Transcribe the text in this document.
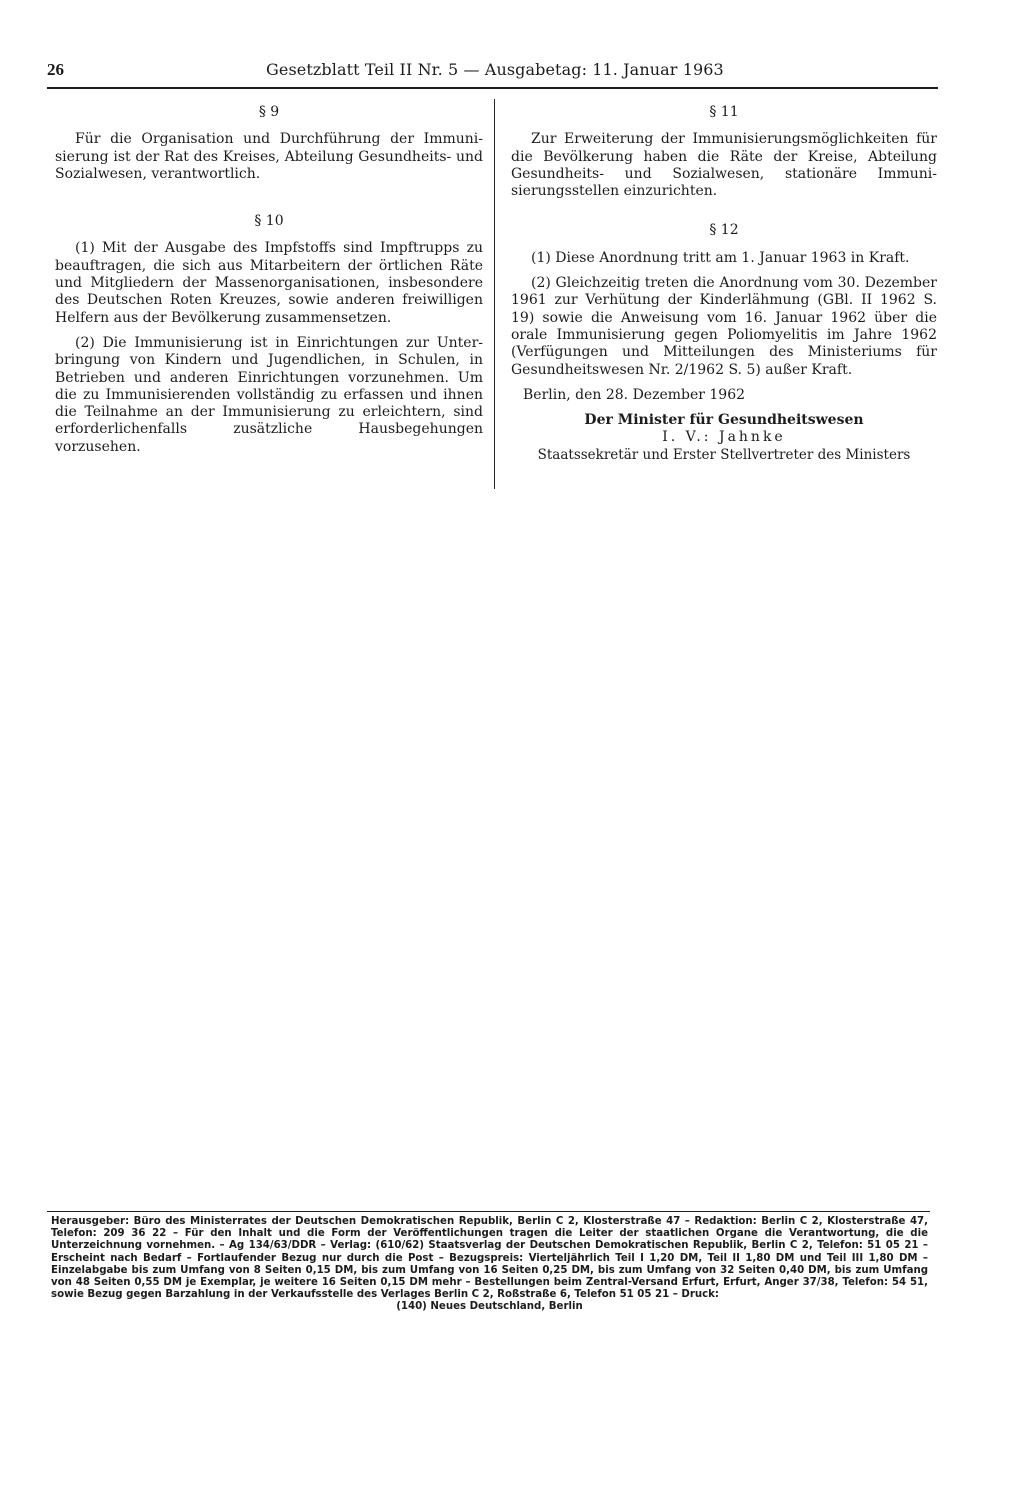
26	Gesetzblatt Teil II Nr. 5 — Ausgabetag: 11. Januar 1963

§ 9

Für die Organisation und Durchführung der Immunisierung ist der Rat des Kreises, Abteilung Gesundheits- und Sozialwesen, verantwortlich.

§ 10

(1) Mit der Ausgabe des Impfstoffs sind Impftrupps zu beauftragen, die sich aus Mitarbeitern der örtlichen Räte und Mitgliedern der Massenorganisationen, insbesondere des Deutschen Roten Kreuzes, sowie anderen freiwilligen Helfern aus der Bevölkerung zusammensetzen.

(2) Die Immunisierung ist in Einrichtungen zur Unterbringung von Kindern und Jugendlichen, in Schulen, in Betrieben und anderen Einrichtungen vorzunehmen. Um die zu Immunisierenden vollständig zu erfassen und ihnen die Teilnahme an der Immunisierung zu erleichtern, sind erforderlichenfalls zusätzliche Hausbegehungen vorzusehen.

§ 11

Zur Erweiterung der Immunisierungsmöglichkeiten für die Bevölkerung haben die Räte der Kreise, Abteilung Gesundheits- und Sozialwesen, stationäre Immunisierungsstellen einzurichten.

§ 12

(1) Diese Anordnung tritt am 1. Januar 1963 in Kraft.

(2) Gleichzeitig treten die Anordnung vom 30. Dezember 1961 zur Verhütung der Kinderlähmung (GBl. II 1962 S. 19) sowie die Anweisung vom 16. Januar 1962 über die orale Immunisierung gegen Poliomyelitis im Jahre 1962 (Verfügungen und Mitteilungen des Ministeriums für Gesundheitswesen Nr. 2/1962 S. 5) außer Kraft.

Berlin, den 28. Dezember 1962

Der Minister für Gesundheitswesen

I. V.: Jahnke

Staatssekretär und Erster Stellvertreter des Ministers

Herausgeber: Büro des Ministerrates der Deutschen Demokratischen Republik, Berlin C 2, Klosterstraße 47 – Redaktion: Berlin C 2, Klosterstraße 47, Telefon: 209 36 22 – Für den Inhalt und die Form der Veröffentlichungen tragen die Leiter der staatlichen Organe die Verantwortung, die die Unterzeichnung vornehmen. – Ag 134/63/DDR – Verlag: (610/62) Staatsverlag der Deutschen Demokratischen Republik, Berlin C 2, Telefon: 51 05 21 – Erscheint nach Bedarf – Fortlaufender Bezug nur durch die Post – Bezugspreis: Vierteljährlich Teil I 1,20 DM, Teil II 1,80 DM und Teil III 1,80 DM – Einzelabgabe bis zum Umfang von 8 Seiten 0,15 DM, bis zum Umfang von 16 Seiten 0,25 DM, bis zum Umfang von 32 Seiten 0,40 DM, bis zum Umfang von 48 Seiten 0,55 DM je Exemplar, je weitere 16 Seiten 0,15 DM mehr – Bestellungen beim Zentral-Versand Erfurt, Erfurt, Anger 37/38, Telefon: 54 51, sowie Bezug gegen Barzahlung in der Verkaufsstelle des Verlages Berlin C 2, Roßstraße 6, Telefon 51 05 21 – Druck:
(140) Neues Deutschland, Berlin
